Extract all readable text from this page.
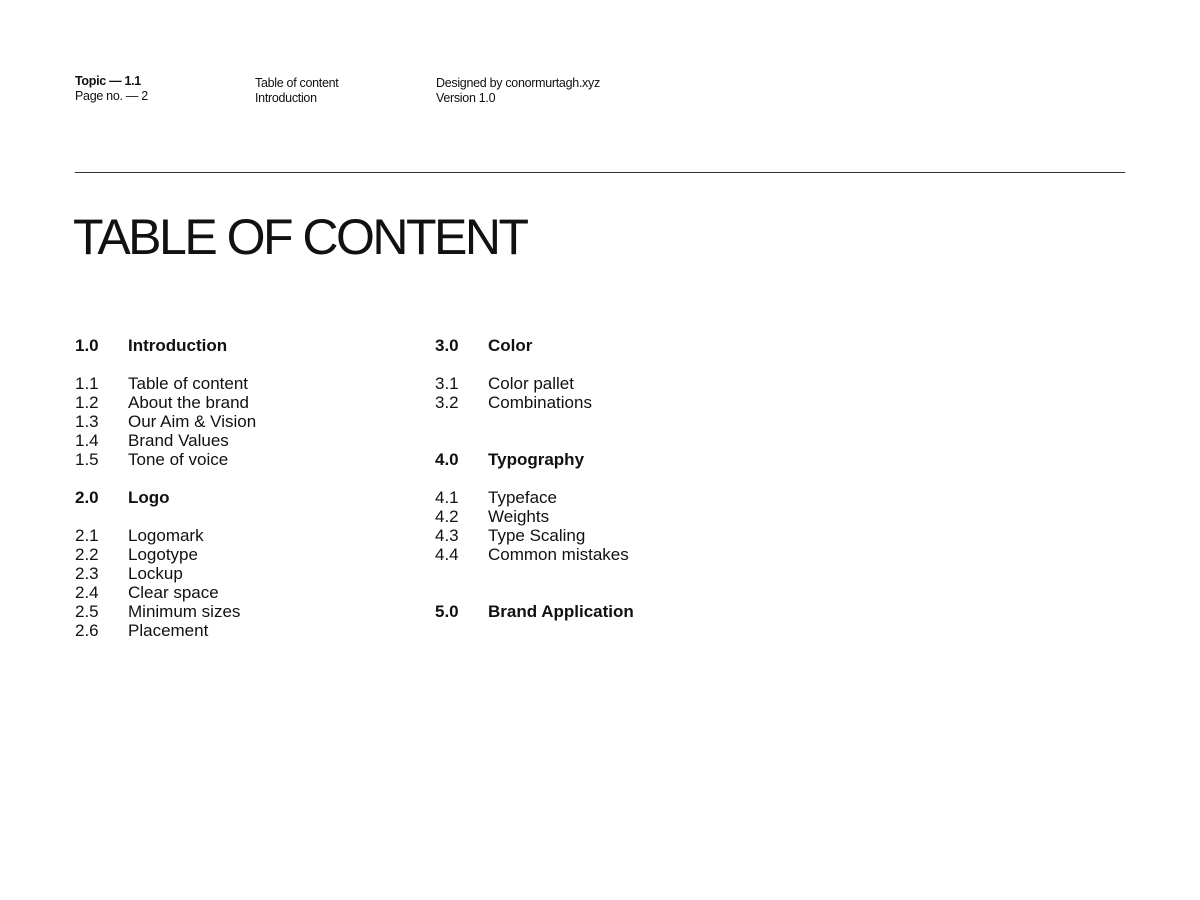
Topic — 1.1
Page no. — 2
Table of content
Introduction
Designed by conormurtagh.xyz
Version 1.0
TABLE OF CONTENT
1.0 Introduction
1.1 Table of content
1.2 About the brand
1.3 Our Aim & Vision
1.4 Brand Values
1.5 Tone of voice
2.0 Logo
2.1 Logomark
2.2 Logotype
2.3 Lockup
2.4 Clear space
2.5 Minimum sizes
2.6 Placement
3.0 Color
3.1 Color pallet
3.2 Combinations
4.0 Typography
4.1 Typeface
4.2 Weights
4.3 Type Scaling
4.4 Common mistakes
5.0 Brand Application
